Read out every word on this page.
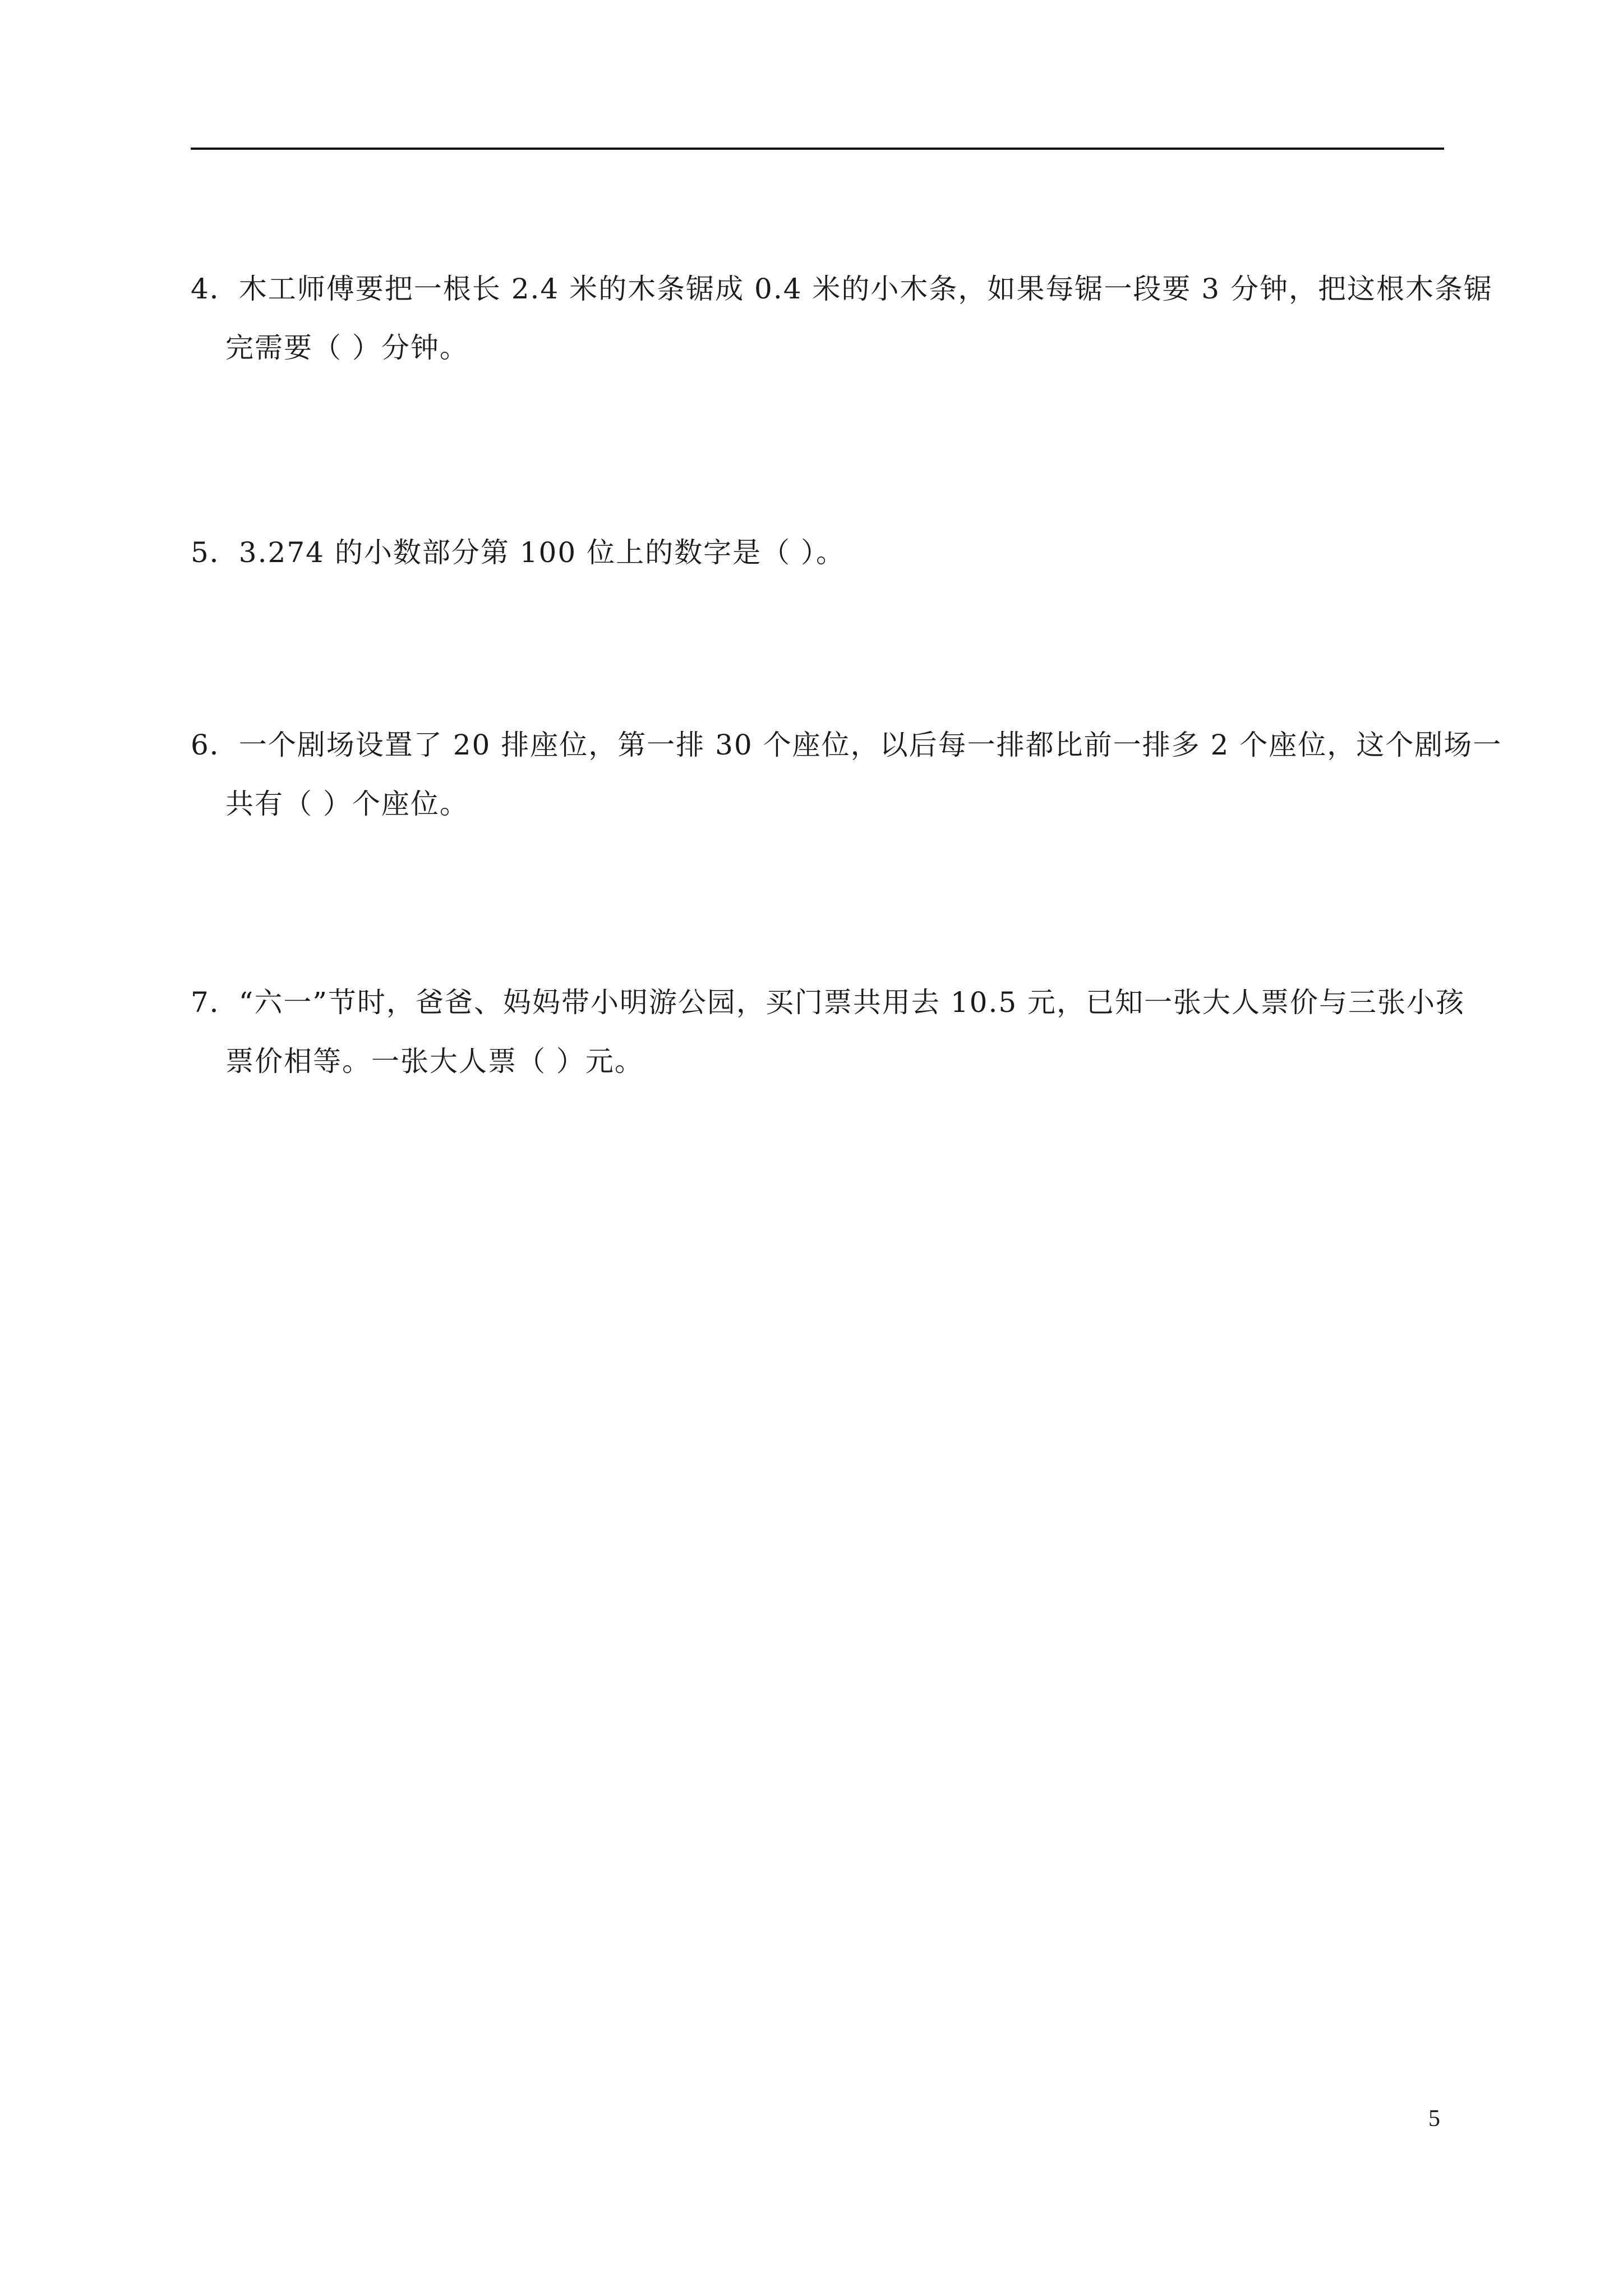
4．木工师傅要把一根长 2.4 米的木条锯成 0.4 米的小木条，如果每锯一段要 3 分钟，把这根木条锯
完需要（ ）分钟。
5．3.274 的小数部分第 100 位上的数字是（ ）。
6．一个剧场设置了 20 排座位，第一排 30 个座位，以后每一排都比前一排多 2 个座位，这个剧场一
共有（ ）个座位。
7．“六一”节时，爸爸、妈妈带小明游公园，买门票共用去 10.5 元，已知一张大人票价与三张小孩
票价相等。一张大人票（ ）元。
5
